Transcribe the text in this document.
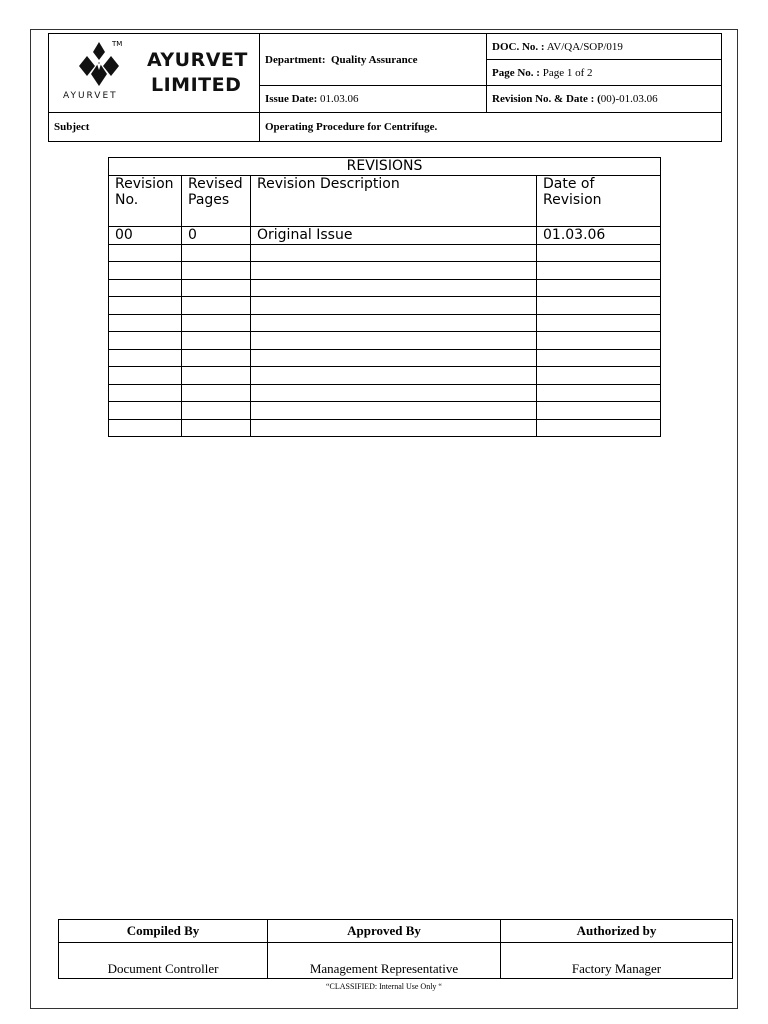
TM
AYURVET
LIMITED
AYURVET	Department: Quality Assurance	DOC. No. : AV/QA/SOP/019
		Page No. : Page 1 of 2
	Issue Date: 01.03.06	Revision No. & Date : (00)-01.03.06
Subject	Operating Procedure for Centrifuge.	
REVISIONS			
Revision No.	Revised Pages	Revision Description	Date of Revision
00	0	Original Issue	01.03.06

Compiled By	Approved By	Authorized by
Document Controller	Management Representative	Factory Manager
“CLASSIFIED: Internal Use Only “
